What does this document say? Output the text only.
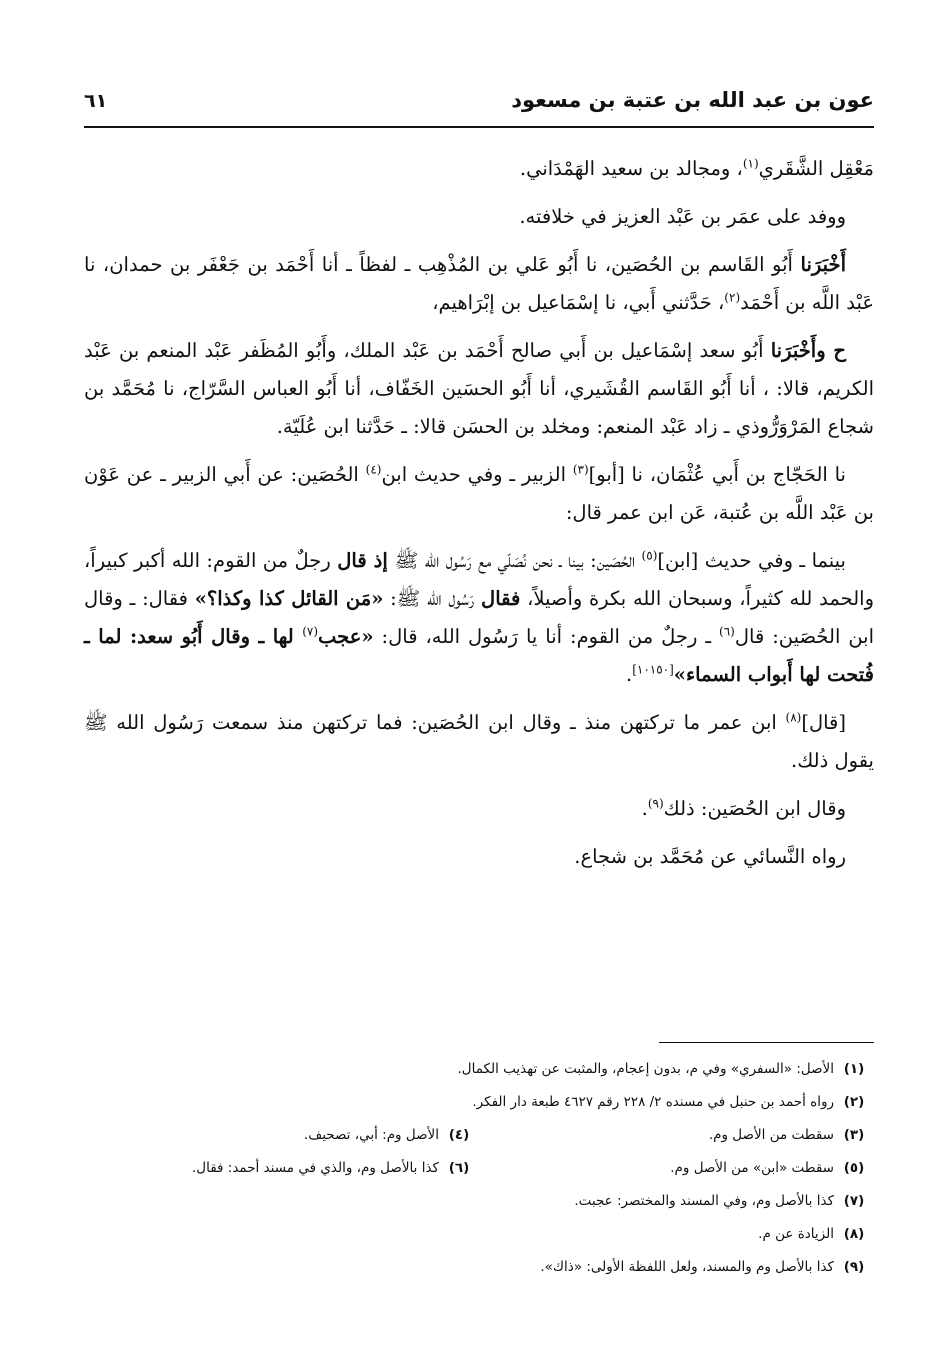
عون بن عبد الله بن عتبة بن مسعود
٦١

مَعْقِل الشَّقَري$^{(١)}$، ومجالد بن سعيد الهَمْدَاني.

ووفد على عمَر بن عَبْد العزيز في خلافته.

أَخْبَرَنا أَبُو القَاسم بن الحُصَين، نا أَبُو عَلي بن المُذْهِب ـ لفظاً ـ أنا أَحْمَد بن جَعْفَر بن حمدان، نا عَبْد اللَّه بن أَحْمَد$^{(٢)}$، حَدَّثني أَبي، نا إسْمَاعيل بن إبْرَاهيم،

ح وأَخْبَرَنا أَبُو سعد إسْمَاعيل بن أَبي صالح أَحْمَد بن عَبْد الملك، وأَبُو المُظَفر عَبْد المنعم بن عَبْد الكريم، قالا: ، أنا أَبُو القَاسم القُشَيري، أنا أَبُو الحسَين الخَفّاف، أنا أَبُو العباس السَّرّاج، نا مُحَمَّد بن شجاع المَرْوَرُّوذي ـ زاد عَبْد المنعم: ومخلد بن الحسَن قالا: ـ حَدَّثنا ابن عُلَيّة.

نا الحَجّاج بن أَبي عُثْمَان، نا [أبو]$^{(٣)}$ الزبير ـ وفي حديث ابن$^{(٤)}$ الحُصَين: عن أَبي الزبير ـ عن عَوْن بن عَبْد اللَّه بن عُتبة، عَن ابن عمر قال:

بينما ـ وفي حديث [ابن]$^{(٥)}$ الحُصَين: بينا ـ نحن نُصَلّي مع رَسُول الله ﷺ إذ قال رجلٌ من القوم: الله أكبر كبيراً، والحمد لله كثيراً، وسبحان الله بكرة وأصيلاً، فقال رَسُول الله ﷺ: «مَن القائل كذا وكذا؟» فقال: ـ وقال ابن الحُصَين: قال$^{(٦)}$ ـ رجلٌ من القوم: أنا يا رَسُول الله، قال: «عجب$^{(٧)}$ لها ـ وقال أَبُو سعد: لما ـ فُتحت لها أَبواب السماء»[١٠١٥٠].

[قال]$^{(٨)}$ ابن عمر ما تركتهن منذ ـ وقال ابن الحُصَين: فما تركتهن منذ سمعت رَسُول الله ﷺ يقول ذلك.

وقال ابن الحُصَين: ذلك$^{(٩)}$.

رواه النَّسائي عن مُحَمَّد بن شجاع.

(١)
الأصل: «السفري» وفي م، بدون إعجام، والمثبت عن تهذيب الكمال.
(٢)
رواه أحمد بن حنبل في مسنده ٢/ ٢٢٨ رقم ٤٦٢٧ طبعة دار الفكر.
(٣)
سقطت من الأصل وم.
(٤)
الأصل وم: أبي، تصحيف.
(٥)
سقطت «ابن» من الأصل وم.
(٦)
كذا بالأصل وم، والذي في مسند أحمد: فقال.
(٧)
كذا بالأصل وم، وفي المسند والمختصر: عجبت.
(٨)
الزيادة عن م.
(٩)
كذا بالأصل وم والمسند، ولعل اللفظة الأولى: «ذاك».
